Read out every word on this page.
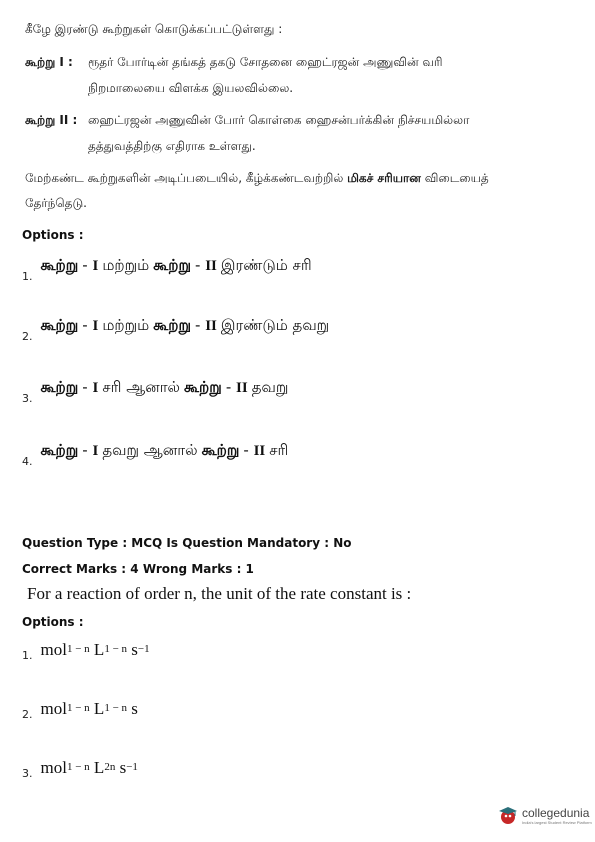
கீழே இரண்டு கூற்றுகள் கொடுக்கப்பட்டுள்ளது :
கூற்று I : ரூதர் போர்டின் தங்கத் தகடு சோதனை ஹைட்ரஜன் அணுவின் வரி
நிறமாலையை விளக்க இயலவில்லை.
கூற்று II : ஹைட்ரஜன் அணுவின் போர் கொள்கை ஹைசன்பர்க்கின் நிச்சயமில்லா
தத்துவத்திற்கு எதிராக உள்ளது.
மேற்கண்ட கூற்றுகளின் அடிப்படையில், கீழ்க்கண்டவற்றில் மிகச் சரியான விடையைத்
தேர்ந்தெடு.
Options :
$_{1.}$ கூற்று - I மற்றும் கூற்று - II இரண்டும் சரி
$_{2.}$ கூற்று - I மற்றும் கூற்று - II இரண்டும் தவறு
$_{3.}$ கூற்று - I சரி ஆனால் கூற்று - II தவறு
$_{4.}$ கூற்று - I தவறு ஆனால் கூற்று - II சரி
Question Type : MCQ Is Question Mandatory : No
Correct Marks : 4 Wrong Marks : 1
For a reaction of order n, the unit of the rate constant is :
Options :
$_{1.}$ mol$^{1 - n}$ $L^{1 - n}$ $s^{-1}$
$_{2.}$ mol$^{1 - n}$ $L^{1 - n}$ s
$_{3.}$ mol$^{1 - n}$ $L^{2n}$ $s^{-1}$
collegedunia
India's largest Student Review Platform
